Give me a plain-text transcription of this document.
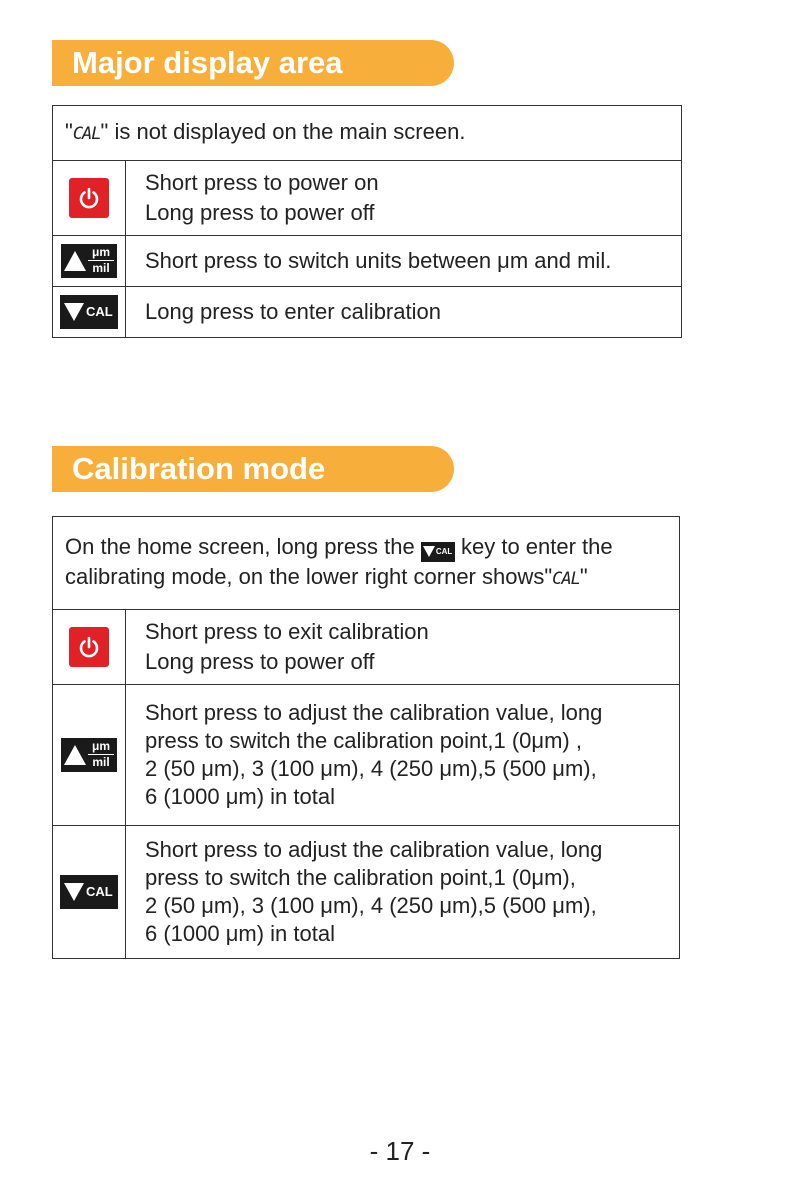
Major display area
"CAL" is not displayed on the main screen.	

Short press to power on
Long press to power off

μm
mil	Short press to switch units between μm and mil.

CAL	Long press to enter calibration
Calibration mode
On the home screen, long press the CAL key to enter the
calibrating mode, on the lower right corner shows"CAL"	

Short press to exit calibration
Long press to power off

μm
mil	Short press to adjust the calibration value, long
press to switch the calibration point,1 (0μm) ,
2 (50 μm), 3 (100 μm), 4 (250 μm),5 (500 μm),
6 (1000 μm) in total

CAL	Short press to adjust the calibration value, long
press to switch the calibration point,1 (0μm),
2 (50 μm), 3 (100 μm), 4 (250 μm),5 (500 μm),
6 (1000 μm) in total
- 17 -
